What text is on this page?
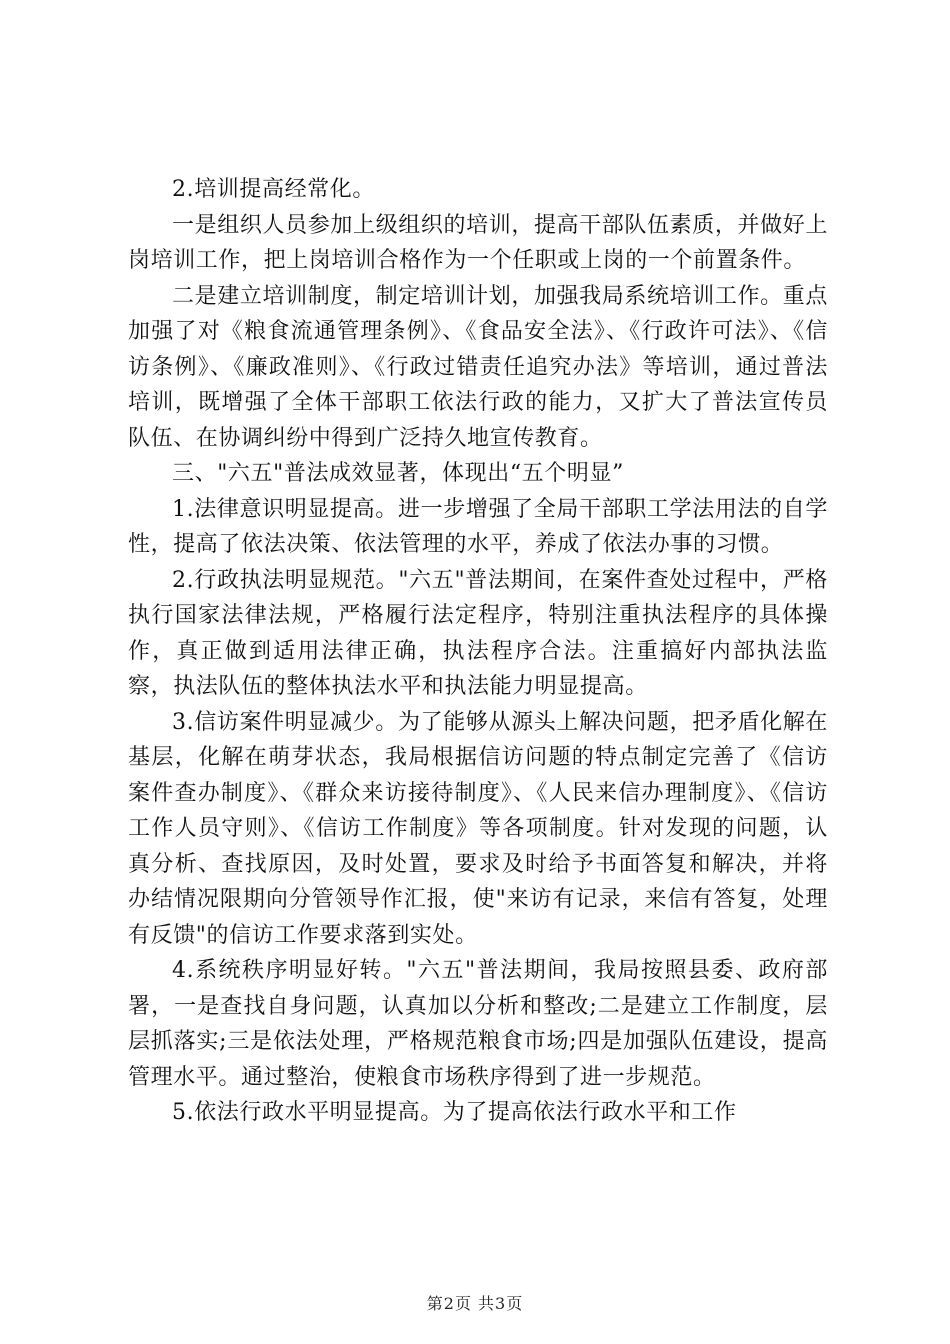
2.培训提高经常化。

一是组织人员参加上级组织的培训，提高干部队伍素质，并做好上岗培训工作，把上岗培训合格作为一个任职或上岗的一个前置条件。

二是建立培训制度，制定培训计划，加强我局系统培训工作。重点加强了对《粮食流通管理条例》、《食品安全法》、《行政许可法》、《信访条例》、《廉政准则》、《行政过错责任追究办法》等培训，通过普法培训，既增强了全体干部职工依法行政的能力，又扩大了普法宣传员队伍、在协调纠纷中得到广泛持久地宣传教育。

三、"六五"普法成效显著，体现出“五个明显”

1.法律意识明显提高。进一步增强了全局干部职工学法用法的自学性，提高了依法决策、依法管理的水平，养成了依法办事的习惯。

2.行政执法明显规范。"六五"普法期间，在案件查处过程中，严格执行国家法律法规，严格履行法定程序，特别注重执法程序的具体操作，真正做到适用法律正确，执法程序合法。注重搞好内部执法监察，执法队伍的整体执法水平和执法能力明显提高。

3.信访案件明显减少。为了能够从源头上解决问题，把矛盾化解在基层，化解在萌芽状态，我局根据信访问题的特点制定完善了《信访案件查办制度》、《群众来访接待制度》、《人民来信办理制度》、《信访工作人员守则》、《信访工作制度》等各项制度。针对发现的问题，认真分析、查找原因，及时处置，要求及时给予书面答复和解决，并将办结情况限期向分管领导作汇报，使"来访有记录，来信有答复，处理有反馈"的信访工作要求落到实处。

4.系统秩序明显好转。"六五"普法期间，我局按照县委、政府部署，一是查找自身问题，认真加以分析和整改;二是建立工作制度，层层抓落实;三是依法处理，严格规范粮食市场;四是加强队伍建设，提高管理水平。通过整治，使粮食市场秩序得到了进一步规范。

5.依法行政水平明显提高。为了提高依法行政水平和工作

第2页 共3页
